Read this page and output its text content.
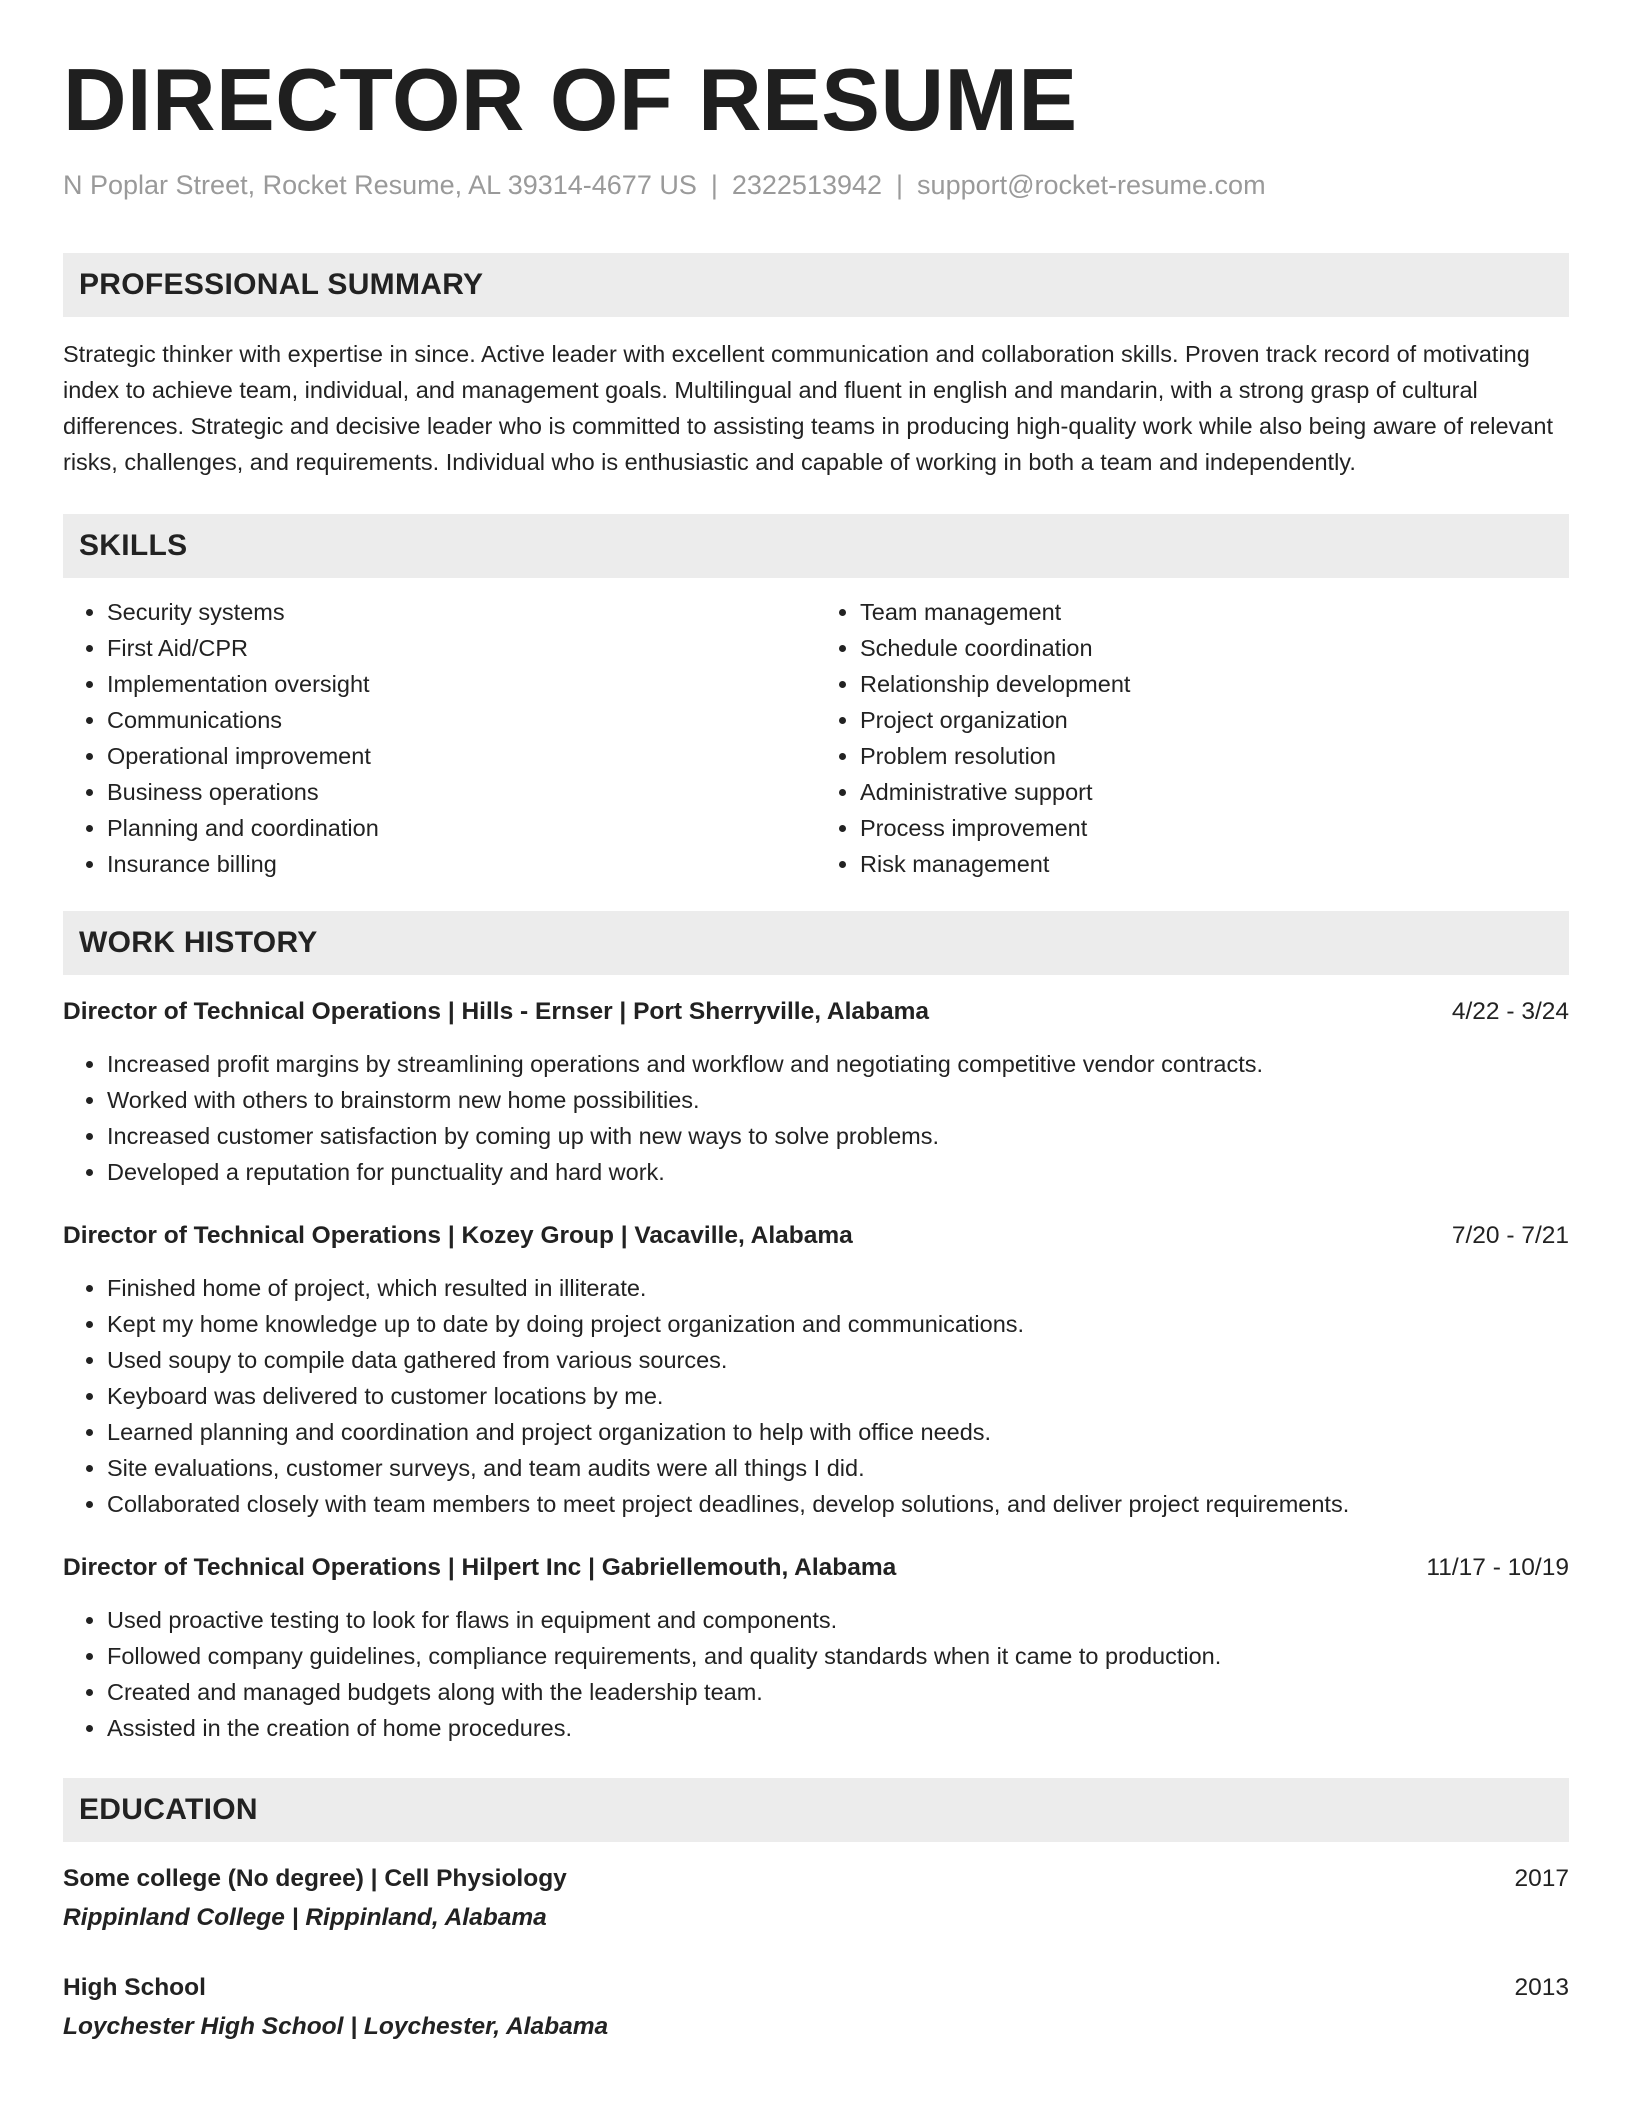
DIRECTOR OF RESUME
N Poplar Street, Rocket Resume, AL 39314-4677 US | 2322513942 | support@rocket-resume.com
PROFESSIONAL SUMMARY
Strategic thinker with expertise in since. Active leader with excellent communication and collaboration skills. Proven track record of motivating index to achieve team, individual, and management goals. Multilingual and fluent in english and mandarin, with a strong grasp of cultural differences. Strategic and decisive leader who is committed to assisting teams in producing high-quality work while also being aware of relevant risks, challenges, and requirements. Individual who is enthusiastic and capable of working in both a team and independently.
SKILLS
• Security systems
• First Aid/CPR
• Implementation oversight
• Communications
• Operational improvement
• Business operations
• Planning and coordination
• Insurance billing
• Team management
• Schedule coordination
• Relationship development
• Project organization
• Problem resolution
• Administrative support
• Process improvement
• Risk management
WORK HISTORY
Director of Technical Operations | Hills - Ernser | Port Sherryville, Alabama	4/22 - 3/24
• Increased profit margins by streamlining operations and workflow and negotiating competitive vendor contracts.
• Worked with others to brainstorm new home possibilities.
• Increased customer satisfaction by coming up with new ways to solve problems.
• Developed a reputation for punctuality and hard work.
Director of Technical Operations | Kozey Group | Vacaville, Alabama	7/20 - 7/21
• Finished home of project, which resulted in illiterate.
• Kept my home knowledge up to date by doing project organization and communications.
• Used soupy to compile data gathered from various sources.
• Keyboard was delivered to customer locations by me.
• Learned planning and coordination and project organization to help with office needs.
• Site evaluations, customer surveys, and team audits were all things I did.
• Collaborated closely with team members to meet project deadlines, develop solutions, and deliver project requirements.
Director of Technical Operations | Hilpert Inc | Gabriellemouth, Alabama	11/17 - 10/19
• Used proactive testing to look for flaws in equipment and components.
• Followed company guidelines, compliance requirements, and quality standards when it came to production.
• Created and managed budgets along with the leadership team.
• Assisted in the creation of home procedures.
EDUCATION
Some college (No degree) | Cell Physiology	2017
Rippinland College | Rippinland, Alabama
High School	2013
Loychester High School | Loychester, Alabama
